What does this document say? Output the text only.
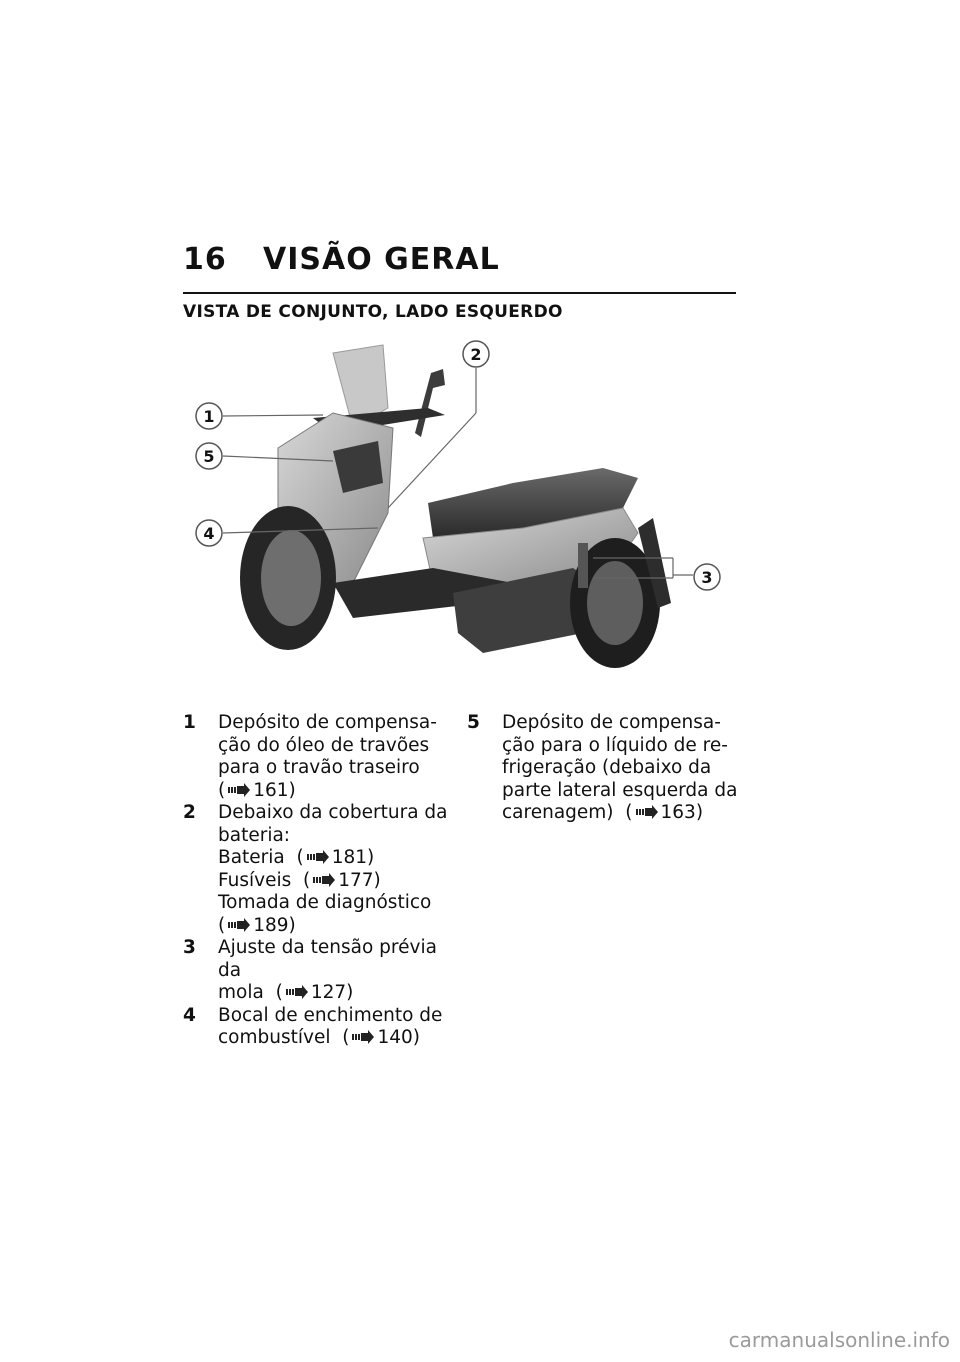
16 VISÃO GERAL
VISTA DE CONJUNTO, LADO ESQUERDO
1
5
4
2
3
1 Depósito de compensa-
ção do óleo de travões
para o travão traseiro
( 161)
2 Debaixo da cobertura da
bateria:
Bateria  ( 181)
Fusíveis  ( 177)
Tomada de diagnóstico
( 189)
3 Ajuste da tensão prévia da
mola  ( 127)
4 Bocal de enchimento de
combustível  ( 140)
5 Depósito de compensa-
ção para o líquido de re-
frigeração (debaixo da
parte lateral esquerda da
carenagem)  ( 163)
carmanualsonline.info
